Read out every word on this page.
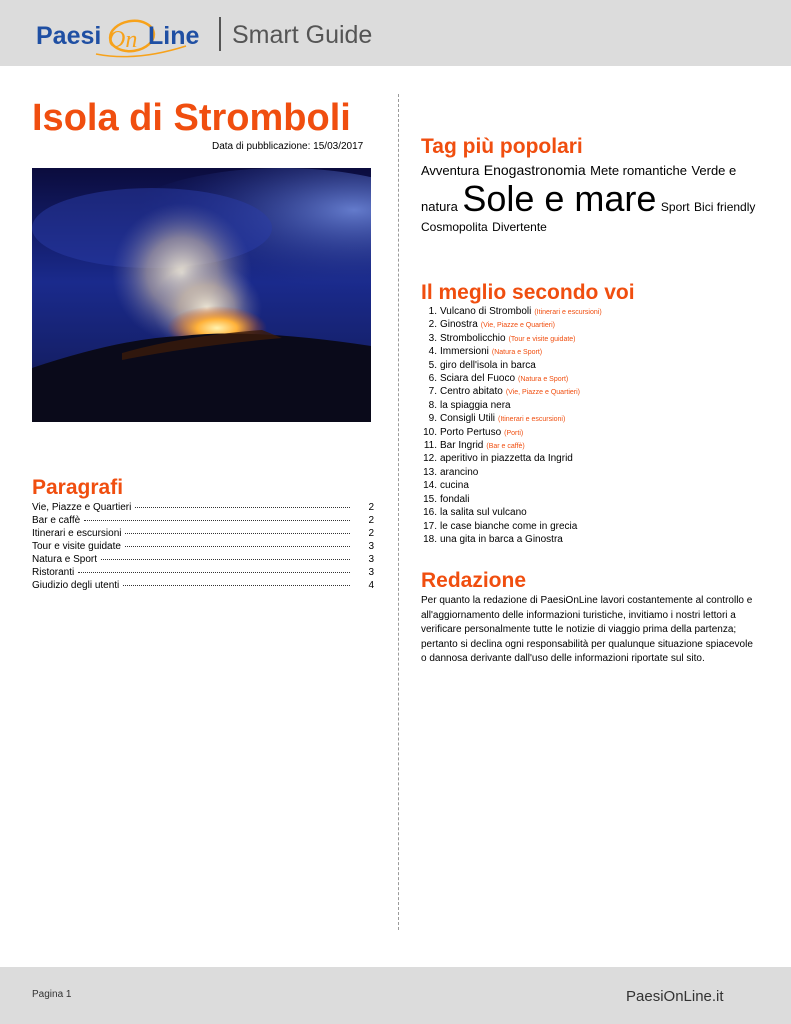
Paesi On Line Smart Guide
Isola di Stromboli
Data di pubblicazione: 15/03/2017
Paragrafi
Vie, Piazze e Quartieri	2
Bar e caffè	2
Itinerari e escursioni	2
Tour e visite guidate	3
Natura e Sport	3
Ristoranti	3
Giudizio degli utenti	4
Tag più popolari
Avventura Enogastronomia Mete romantiche Verde e natura Sole e mare Sport Bici friendly Cosmopolita Divertente
Il meglio secondo voi
1. Vulcano di Stromboli (Itinerari e escursioni)
2. Ginostra (Vie, Piazze e Quartieri)
3. Strombolicchio (Tour e visite guidate)
4. Immersioni (Natura e Sport)
5. giro dell'isola in barca
6. Sciara del Fuoco (Natura e Sport)
7. Centro abitato (Vie, Piazze e Quartieri)
8. la spiaggia nera
9. Consigli Utili (Itinerari e escursioni)
10. Porto Pertuso (Porti)
11. Bar Ingrid (Bar e caffè)
12. aperitivo in piazzetta da Ingrid
13. arancino
14. cucina
15. fondali
16. la salita sul vulcano
17. le case bianche come in grecia
18. una gita in barca a Ginostra
Redazione

Per quanto la redazione di PaesiOnLine lavori costantemente al controllo e all'aggiornamento delle informazioni turistiche, invitiamo i nostri lettori a verificare personalmente tutte le notizie di viaggio prima della partenza; pertanto si declina ogni responsabilità per qualunque situazione spiacevole o dannosa derivante dall'uso delle informazioni riportate sul sito.

Pagina 1	PaesiOnLine.it
